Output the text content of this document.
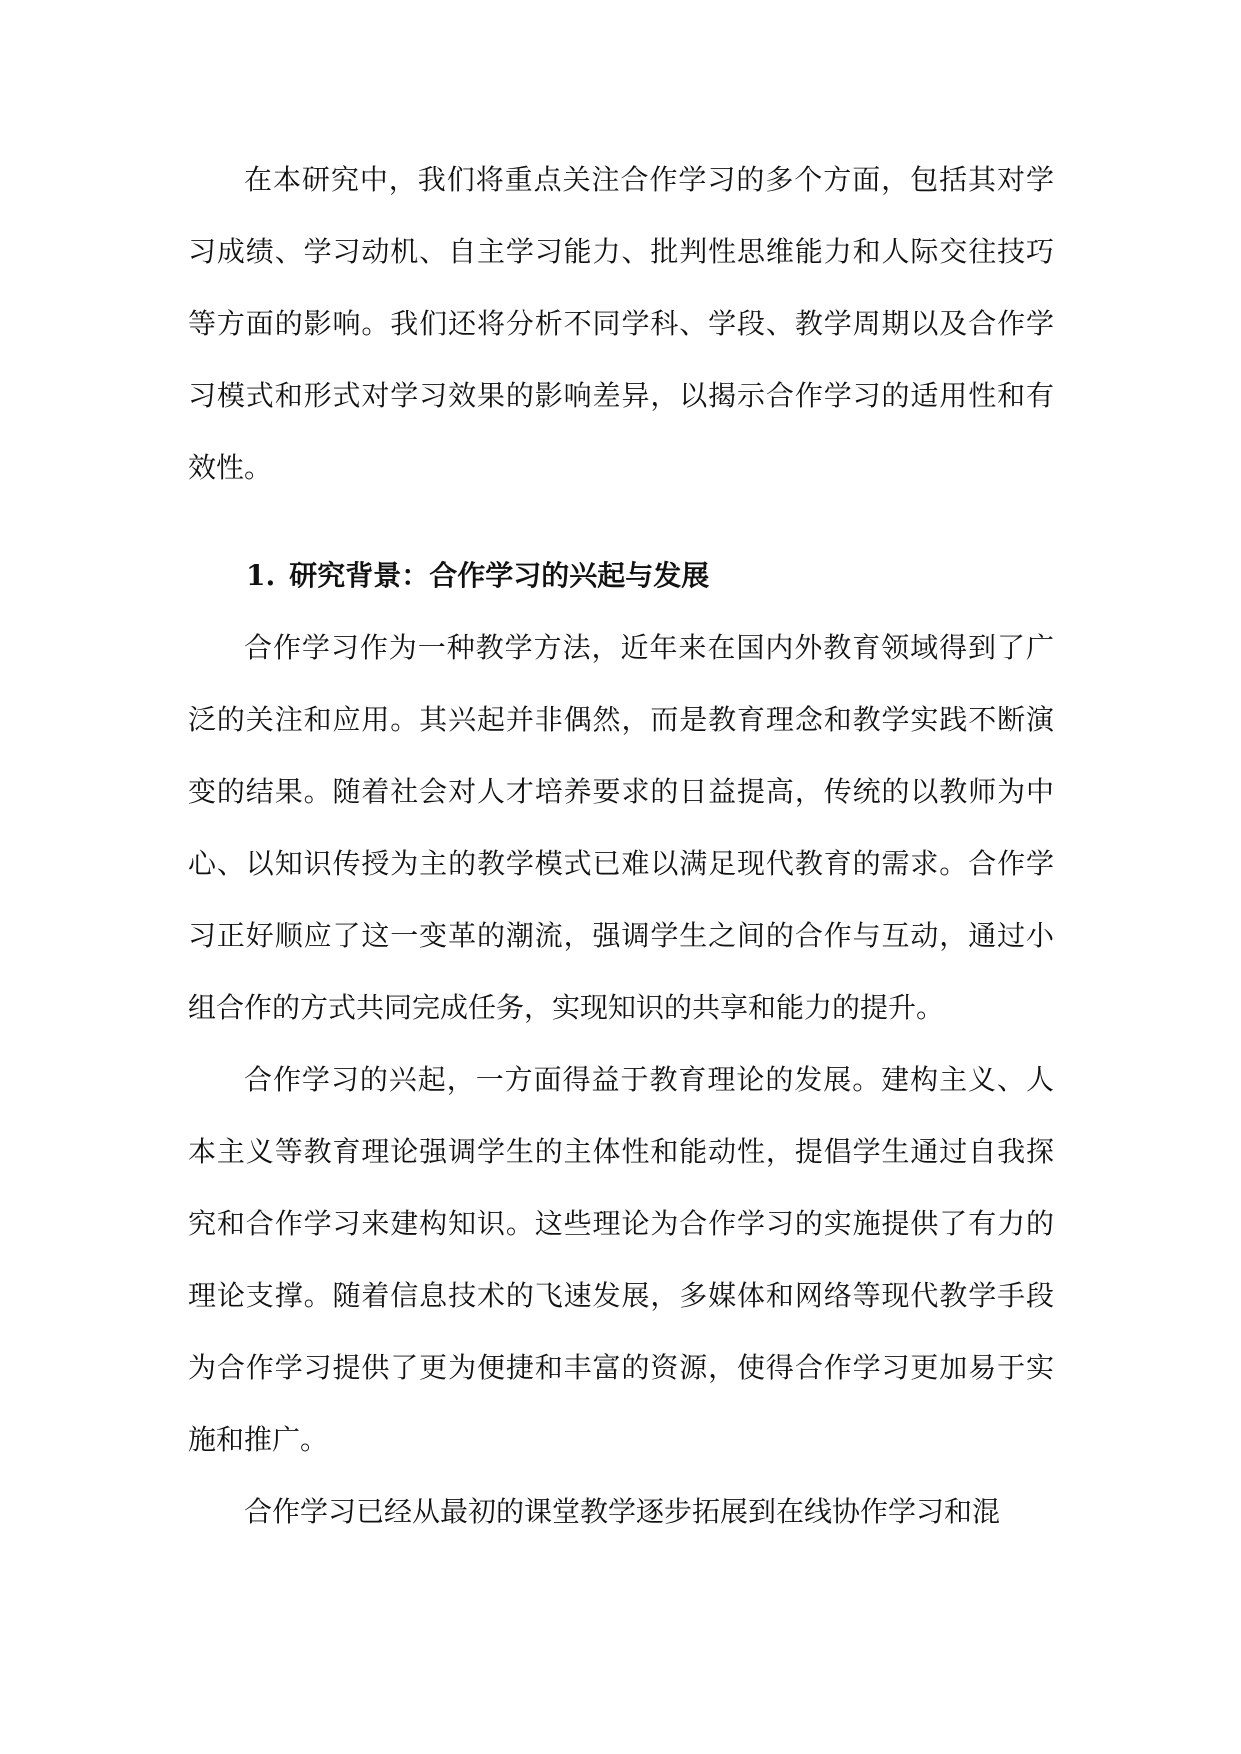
在本研究中，我们将重点关注合作学习的多个方面，包括其对学习成绩、学习动机、自主学习能力、批判性思维能力和人际交往技巧等方面的影响。我们还将分析不同学科、学段、教学周期以及合作学习模式和形式对学习效果的影响差异，以揭示合作学习的适用性和有效性。

1. 研究背景：合作学习的兴起与发展

合作学习作为一种教学方法，近年来在国内外教育领域得到了广泛的关注和应用。其兴起并非偶然，而是教育理念和教学实践不断演变的结果。随着社会对人才培养要求的日益提高，传统的以教师为中心、以知识传授为主的教学模式已难以满足现代教育的需求。合作学习正好顺应了这一变革的潮流，强调学生之间的合作与互动，通过小组合作的方式共同完成任务，实现知识的共享和能力的提升。

合作学习的兴起，一方面得益于教育理论的发展。建构主义、人本主义等教育理论强调学生的主体性和能动性，提倡学生通过自我探究和合作学习来建构知识。这些理论为合作学习的实施提供了有力的理论支撑。随着信息技术的飞速发展，多媒体和网络等现代教学手段为合作学习提供了更为便捷和丰富的资源，使得合作学习更加易于实施和推广。

合作学习已经从最初的课堂教学逐步拓展到在线协作学习和混
